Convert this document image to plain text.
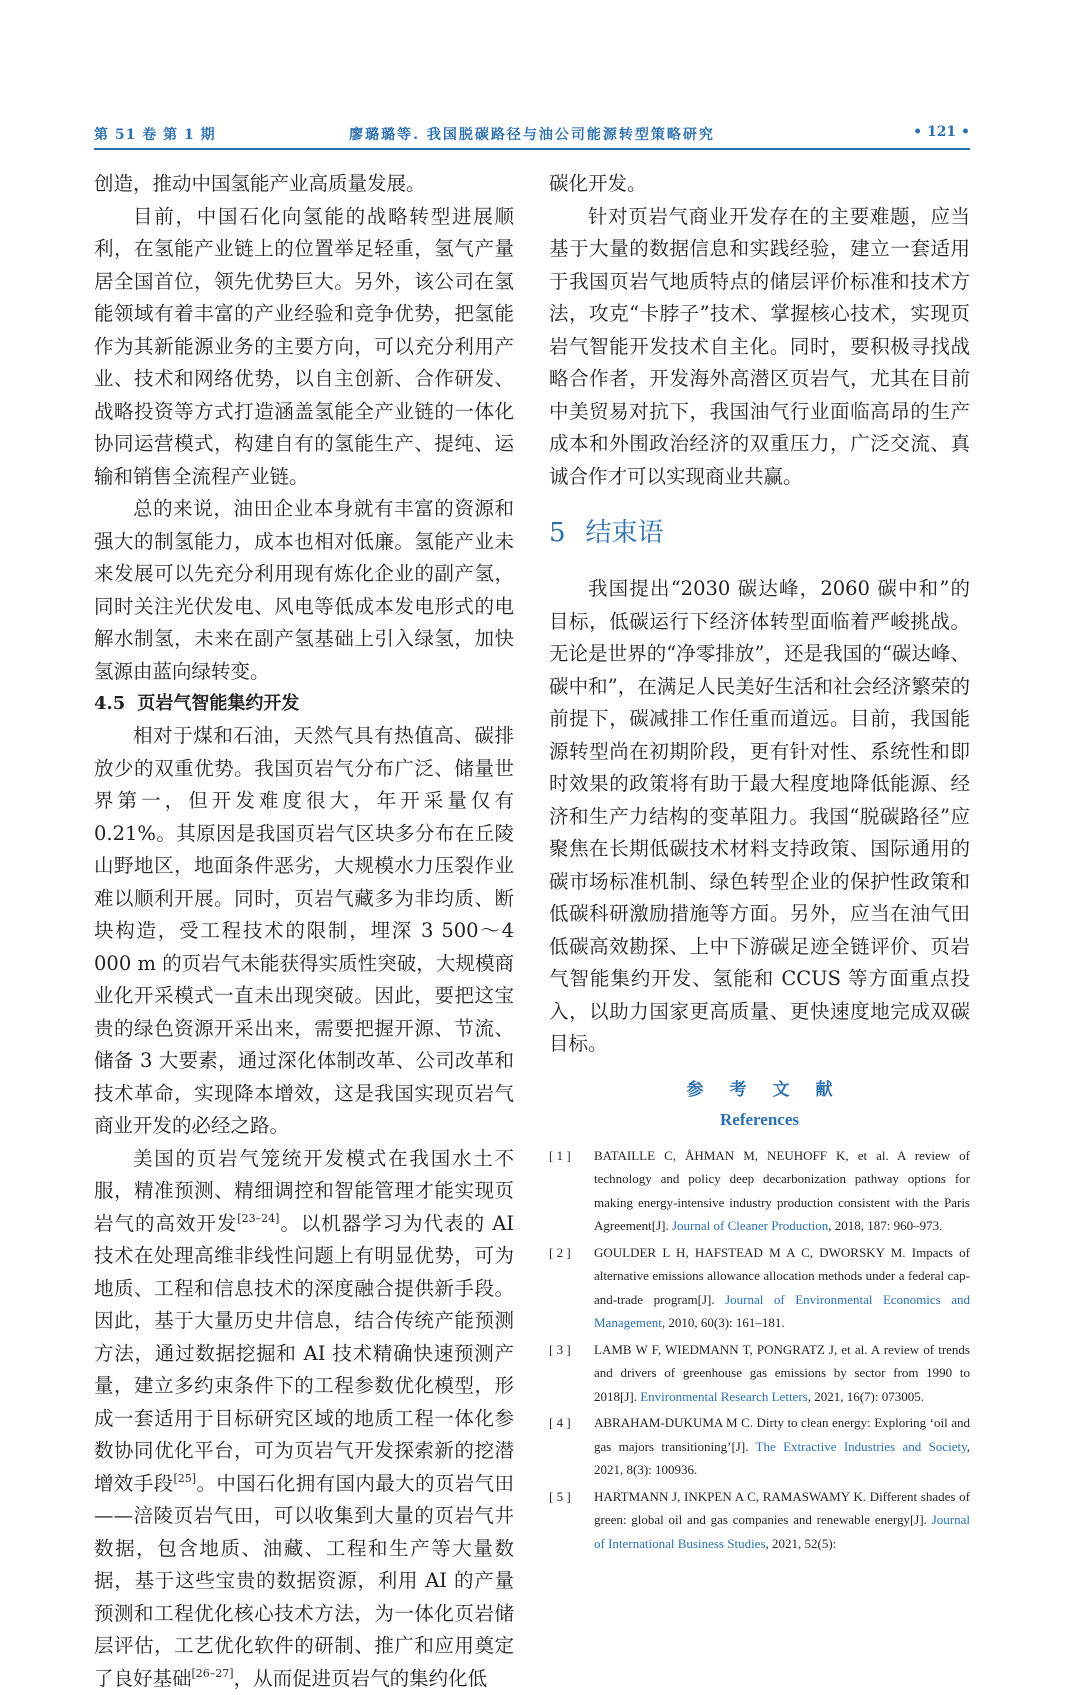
第 51 卷 第 1 期	廖璐璐等. 我国脱碳路径与油公司能源转型策略研究	• 121 •

创造，推动中国氢能产业高质量发展。

目前，中国石化向氢能的战略转型进展顺利，在氢能产业链上的位置举足轻重，氢气产量居全国首位，领先优势巨大。另外，该公司在氢能领域有着丰富的产业经验和竞争优势，把氢能作为其新能源业务的主要方向，可以充分利用产业、技术和网络优势，以自主创新、合作研发、战略投资等方式打造涵盖氢能全产业链的一体化协同运营模式，构建自有的氢能生产、提纯、运输和销售全流程产业链。

总的来说，油田企业本身就有丰富的资源和强大的制氢能力，成本也相对低廉。氢能产业未来发展可以先充分利用现有炼化企业的副产氢，同时关注光伏发电、风电等低成本发电形式的电解水制氢，未来在副产氢基础上引入绿氢，加快氢源由蓝向绿转变。

4.5 页岩气智能集约开发

相对于煤和石油，天然气具有热值高、碳排放少的双重优势。我国页岩气分布广泛、储量世界第一，但开发难度很大，年开采量仅有 0.21%。其原因是我国页岩气区块多分布在丘陵山野地区，地面条件恶劣，大规模水力压裂作业难以顺利开展。同时，页岩气藏多为非均质、断块构造，受工程技术的限制，埋深 3 500～4 000 m 的页岩气未能获得实质性突破，大规模商业化开采模式一直未出现突破。因此，要把这宝贵的绿色资源开采出来，需要把握开源、节流、储备 3 大要素，通过深化体制改革、公司改革和技术革命，实现降本增效，这是我国实现页岩气商业开发的必经之路。

美国的页岩气笼统开发模式在我国水土不服，精准预测、精细调控和智能管理才能实现页岩气的高效开发[23–24]。以机器学习为代表的 AI 技术在处理高维非线性问题上有明显优势，可为地质、工程和信息技术的深度融合提供新手段。因此，基于大量历史井信息，结合传统产能预测方法，通过数据挖掘和 AI 技术精确快速预测产量，建立多约束条件下的工程参数优化模型，形成一套适用于目标研究区域的地质工程一体化参数协同优化平台，可为页岩气开发探索新的挖潜增效手段[25]。中国石化拥有国内最大的页岩气田——涪陵页岩气田，可以收集到大量的页岩气井数据，包含地质、油藏、工程和生产等大量数据，基于这些宝贵的数据资源，利用 AI 的产量预测和工程优化核心技术方法，为一体化页岩储层评估，工艺优化软件的研制、推广和应用奠定了良好基础[26–27]，从而促进页岩气的集约化低

碳化开发。

针对页岩气商业开发存在的主要难题，应当基于大量的数据信息和实践经验，建立一套适用于我国页岩气地质特点的储层评价标准和技术方法，攻克“卡脖子”技术、掌握核心技术，实现页岩气智能开发技术自主化。同时，要积极寻找战略合作者，开发海外高潜区页岩气，尤其在目前中美贸易对抗下，我国油气行业面临高昂的生产成本和外围政治经济的双重压力，广泛交流、真诚合作才可以实现商业共赢。

5 结束语

我国提出“2030 碳达峰，2060 碳中和”的目标，低碳运行下经济体转型面临着严峻挑战。无论是世界的“净零排放”，还是我国的“碳达峰、碳中和”，在满足人民美好生活和社会经济繁荣的前提下，碳减排工作任重而道远。目前，我国能源转型尚在初期阶段，更有针对性、系统性和即时效果的政策将有助于最大程度地降低能源、经济和生产力结构的变革阻力。我国“脱碳路径”应聚焦在长期低碳技术材料支持政策、国际通用的碳市场标准机制、绿色转型企业的保护性政策和低碳科研激励措施等方面。另外，应当在油气田低碳高效勘探、上中下游碳足迹全链评价、页岩气智能集约开发、氢能和 CCUS 等方面重点投入，以助力国家更高质量、更快速度地完成双碳目标。

参考文献
References
[ 1 ]	BATAILLE C, ÅHMAN M, NEUHOFF K, et al. A review of technology and policy deep decarbonization pathway options for making energy-intensive industry production consistent with the Paris Agreement[J]. Journal of Cleaner Production, 2018, 187: 960–973.
[ 2 ]	GOULDER L H, HAFSTEAD M A C, DWORSKY M. Impacts of alternative emissions allowance allocation methods under a federal cap-and-trade program[J]. Journal of Environmental Economics and Management, 2010, 60(3): 161–181.
[ 3 ]	LAMB W F, WIEDMANN T, PONGRATZ J, et al. A review of trends and drivers of greenhouse gas emissions by sector from 1990 to 2018[J]. Environmental Research Letters, 2021, 16(7): 073005.
[ 4 ]	ABRAHAM-DUKUMA M C. Dirty to clean energy: Exploring ‘oil and gas majors transitioning’[J]. The Extractive Industries and Society, 2021, 8(3): 100936.
[ 5 ]	HARTMANN J, INKPEN A C, RAMASWAMY K. Different shades of green: global oil and gas companies and renewable energy[J]. Journal of International Business Studies, 2021, 52(5):
